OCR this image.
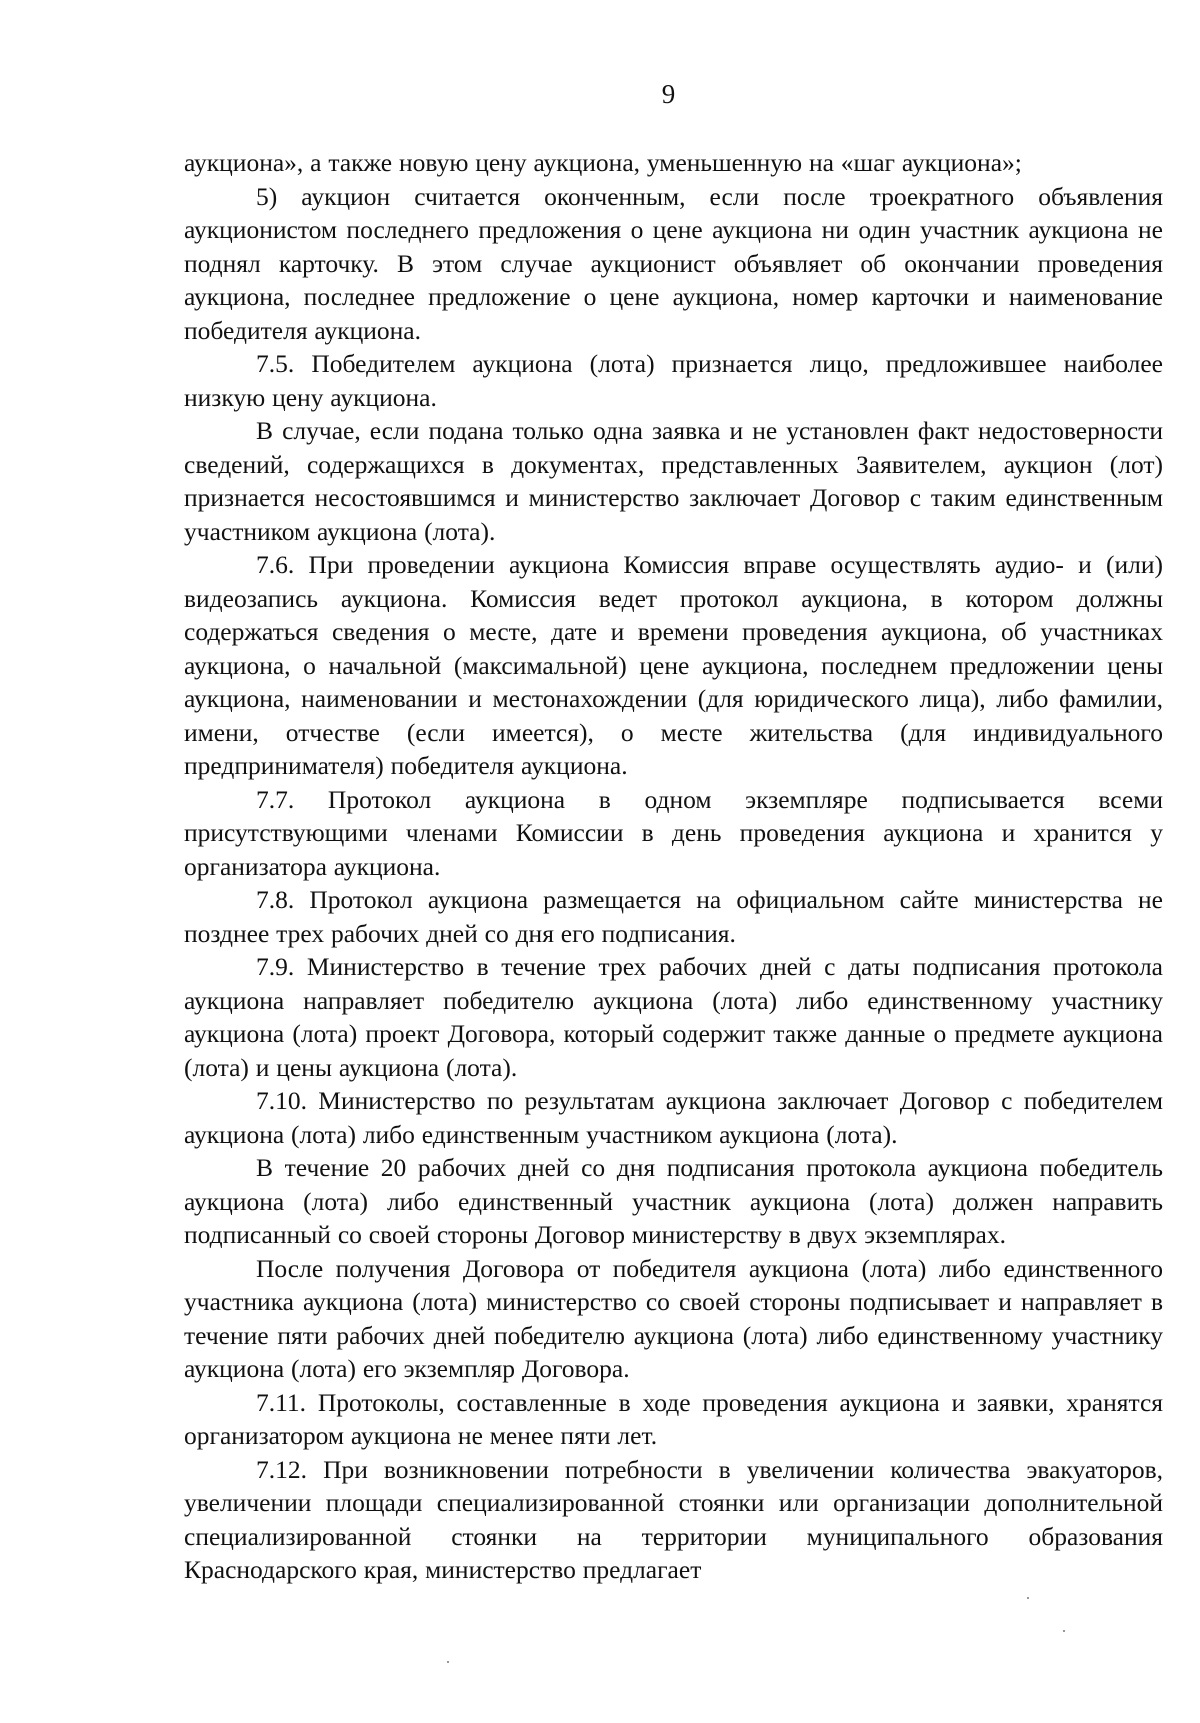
9

аукциона», а также новую цену аукциона, уменьшенную на «шаг аукциона»;

5) аукцион считается оконченным, если после троекратного объявления аукционистом последнего предложения о цене аукциона ни один участник аукциона не поднял карточку. В этом случае аукционист объявляет об окончании проведения аукциона, последнее предложение о цене аукциона, номер карточки и наименование победителя аукциона.

7.5. Победителем аукциона (лота) признается лицо, предложившее наиболее низкую цену аукциона.

В случае, если подана только одна заявка и не установлен факт недостоверности сведений, содержащихся в документах, представленных Заявителем, аукцион (лот) признается несостоявшимся и министерство заключает Договор с таким единственным участником аукциона (лота).

7.6. При проведении аукциона Комиссия вправе осуществлять аудио- и (или) видеозапись аукциона. Комиссия ведет протокол аукциона, в котором должны содержаться сведения о месте, дате и времени проведения аукциона, об участниках аукциона, о начальной (максимальной) цене аукциона, последнем предложении цены аукциона, наименовании и местонахождении (для юридического лица), либо фамилии, имени, отчестве (если имеется), о месте жительства (для индивидуального предпринимателя) победителя аукциона.

7.7. Протокол аукциона в одном экземпляре подписывается всеми присутствующими членами Комиссии в день проведения аукциона и хранится у организатора аукциона.

7.8. Протокол аукциона размещается на официальном сайте министерства не позднее трех рабочих дней со дня его подписания.

7.9. Министерство в течение трех рабочих дней с даты подписания протокола аукциона направляет победителю аукциона (лота) либо единственному участнику аукциона (лота) проект Договора, который содержит также данные о предмете аукциона (лота) и цены аукциона (лота).

7.10. Министерство по результатам аукциона заключает Договор с победителем аукциона (лота) либо единственным участником аукциона (лота).

В течение 20 рабочих дней со дня подписания протокола аукциона победитель аукциона (лота) либо единственный участник аукциона (лота) должен направить подписанный со своей стороны Договор министерству в двух экземплярах.

После получения Договора от победителя аукциона (лота) либо единственного участника аукциона (лота) министерство со своей стороны подписывает и направляет в течение пяти рабочих дней победителю аукциона (лота) либо единственному участнику аукциона (лота) его экземпляр Договора.

7.11. Протоколы, составленные в ходе проведения аукциона и заявки, хранятся организатором аукциона не менее пяти лет.

7.12. При возникновении потребности в увеличении количества эвакуаторов, увеличении площади специализированной стоянки или организации дополнительной специализированной стоянки на территории муниципального образования Краснодарского края, министерство предлагает
